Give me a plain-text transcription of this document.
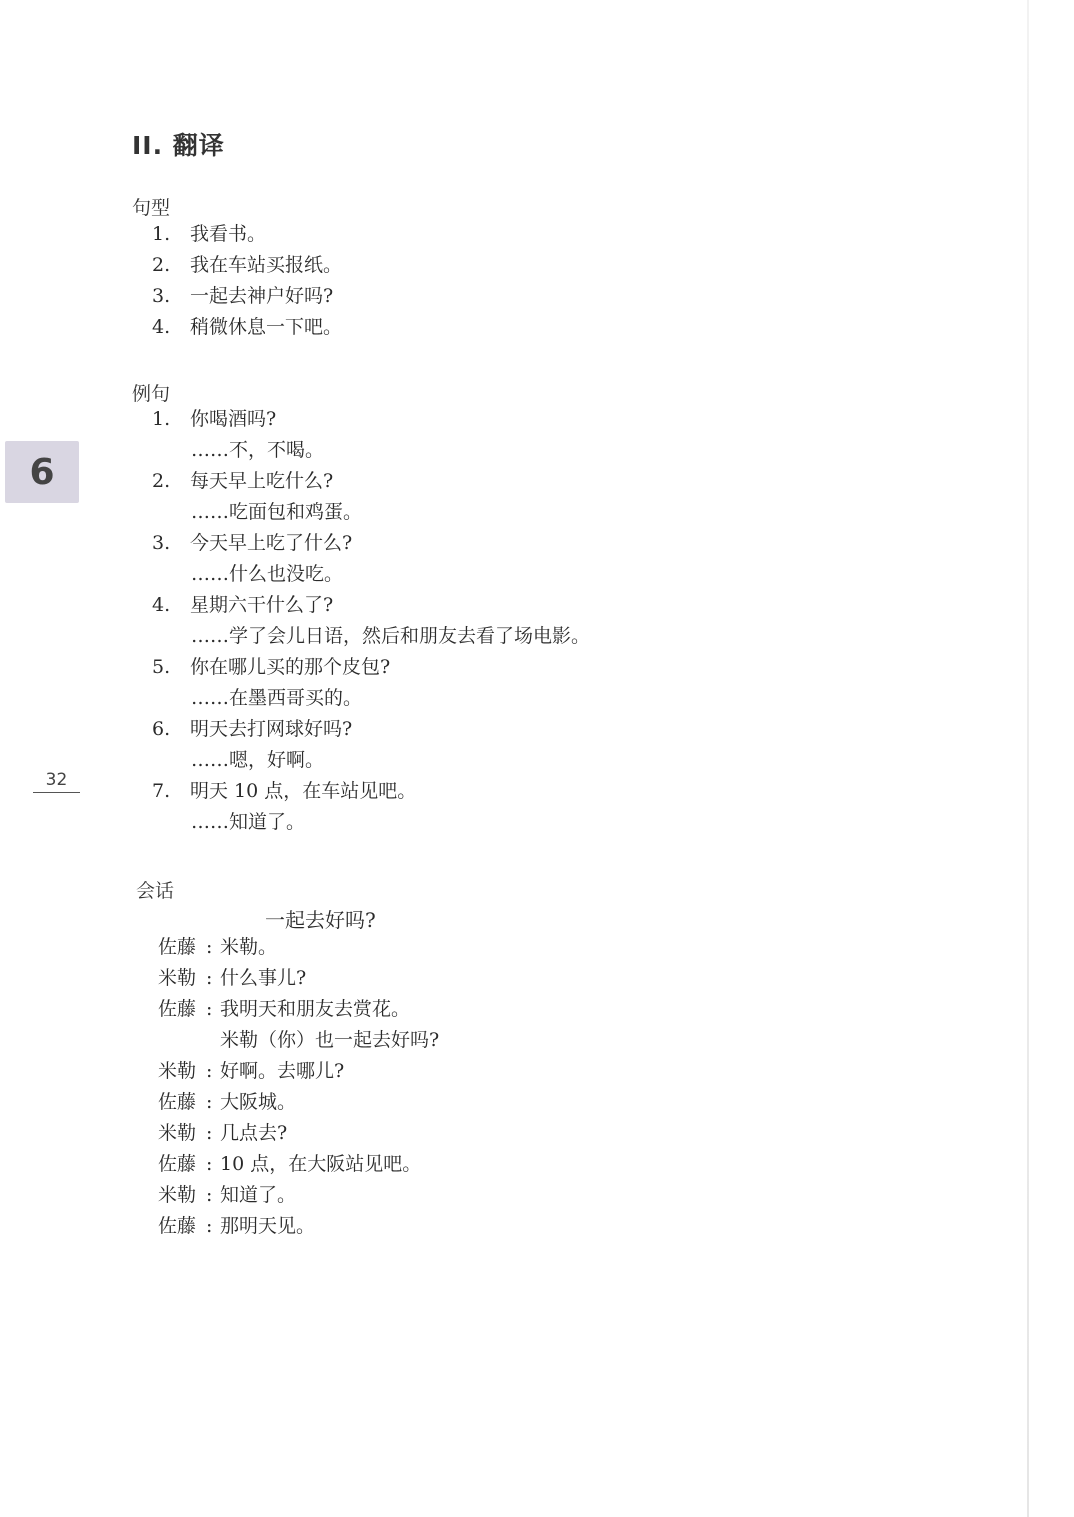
II. 翻译
6
32
句型
1.	我看书。
2.	我在车站买报纸。
3.	一起去神户好吗?
4.	稍微休息一下吧。
例句
1.	你喝酒吗?
……不，不喝。
2.	每天早上吃什么?
……吃面包和鸡蛋。
3.	今天早上吃了什么?
……什么也没吃。
4.	星期六干什么了?
……学了会儿日语，然后和朋友去看了场电影。
5.	你在哪儿买的那个皮包?
……在墨西哥买的。
6.	明天去打网球好吗?
……嗯，好啊。
7.	明天 10 点，在车站见吧。
……知道了。
会话
一起去好吗?
佐藤 : 米勒。
米勒 : 什么事儿?
佐藤 : 我明天和朋友去赏花。
米勒（你）也一起去好吗?
米勒 : 好啊。去哪儿?
佐藤 : 大阪城。
米勒 : 几点去?
佐藤 : 10 点，在大阪站见吧。
米勒 : 知道了。
佐藤 : 那明天见。
